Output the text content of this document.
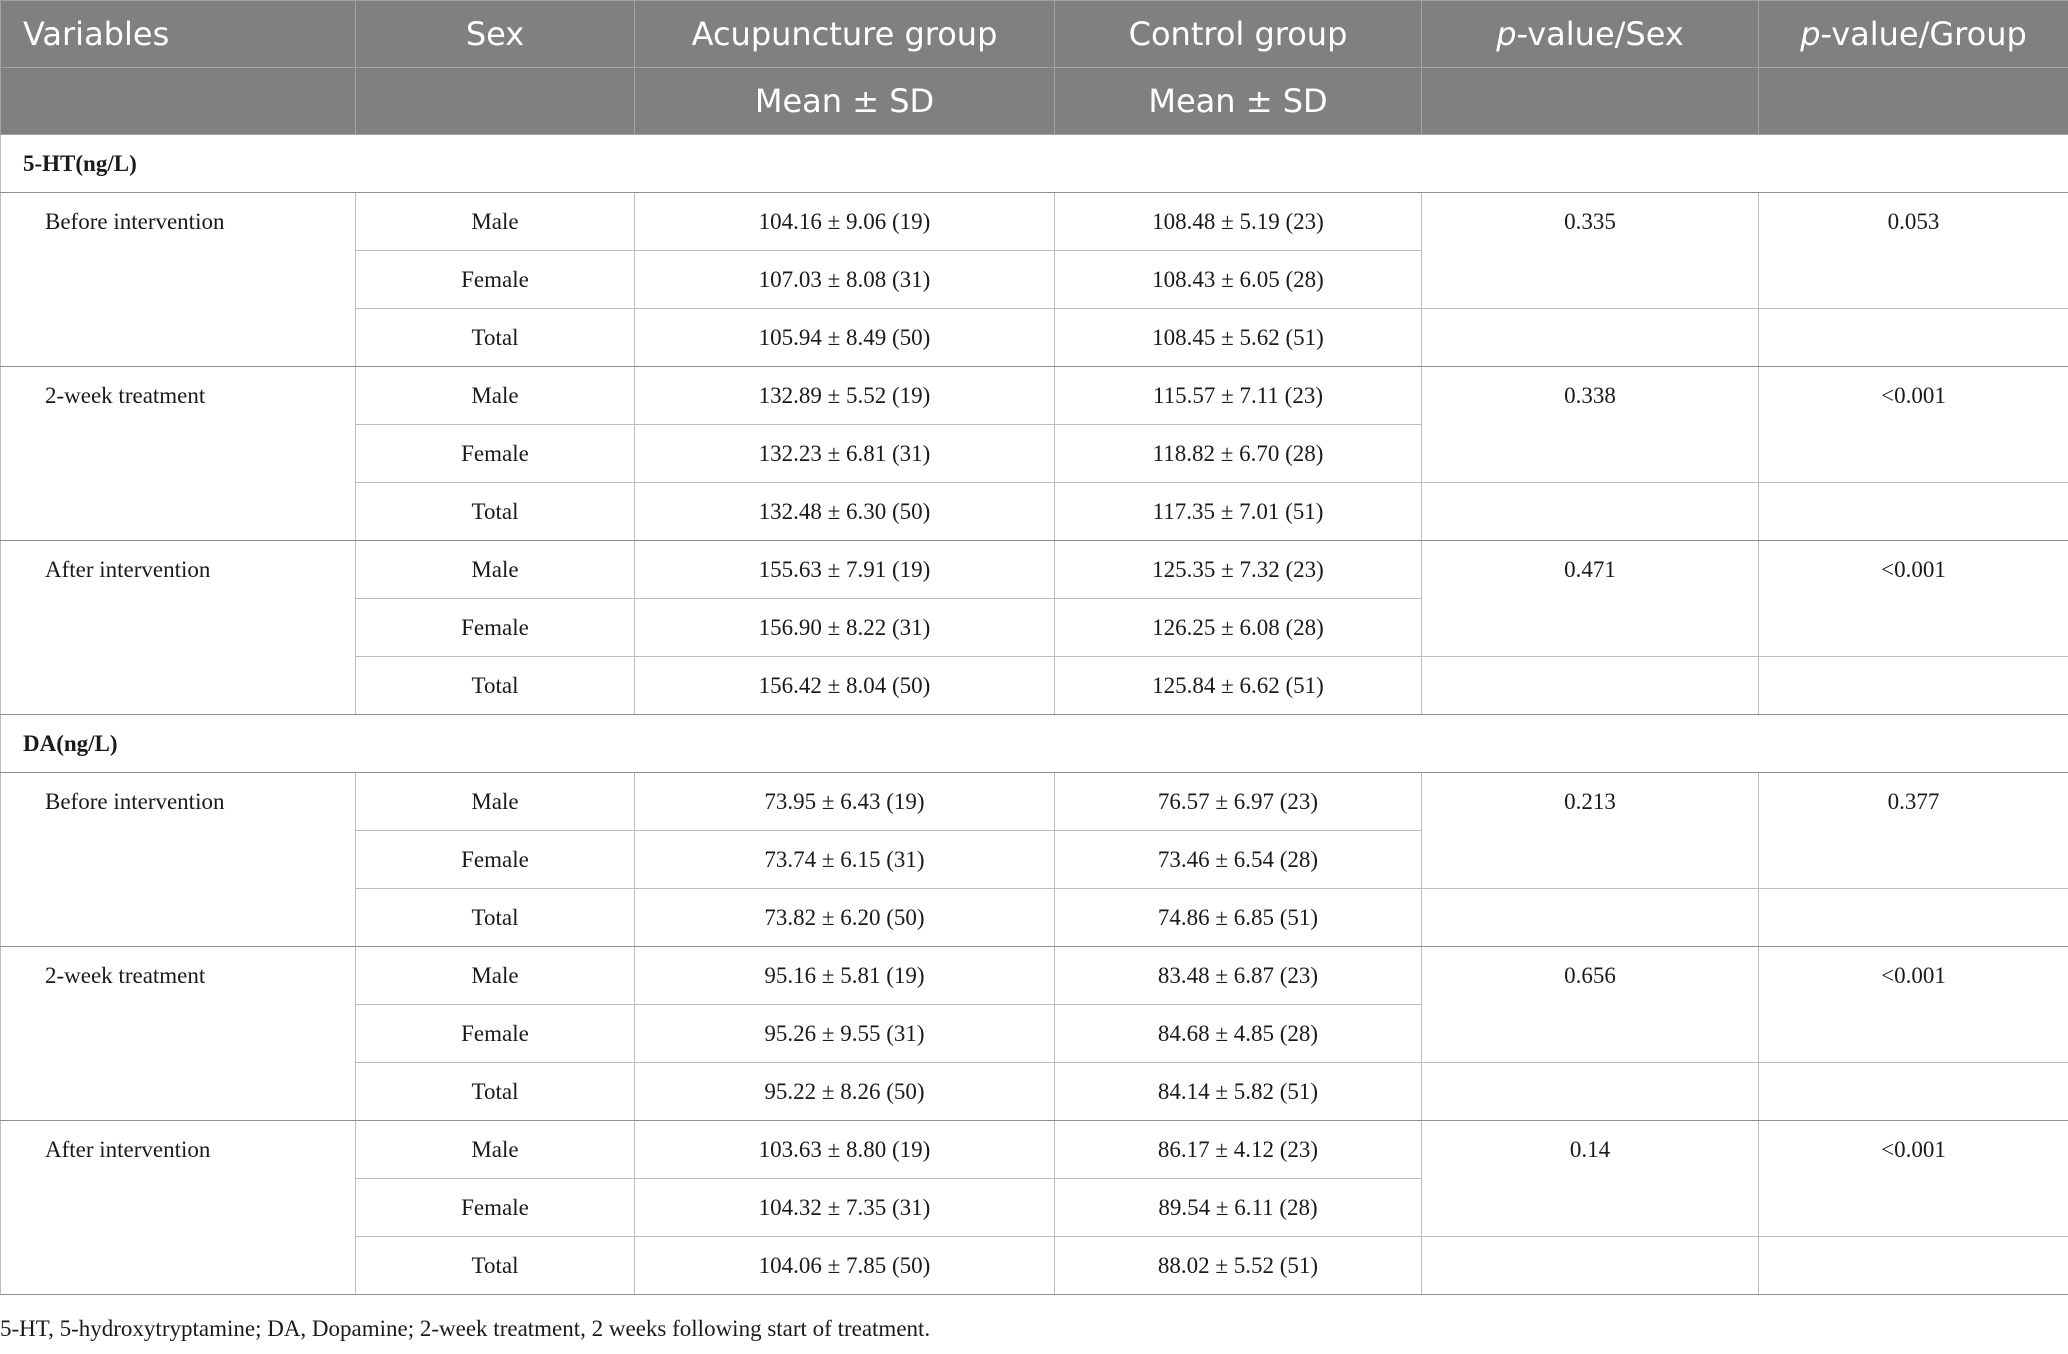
Variables	Sex	Acupuncture group	Control group	p-value/Sex	p-value/Group
		Mean ± SD	Mean ± SD		

5-HT(ng/L)					

Before intervention	Male	104.16 ± 9.06 (19)	108.48 ± 5.19 (23)	0.335	0.053

	Female	107.03 ± 8.08 (31)	108.43 ± 6.05 (28)		

	Total	105.94 ± 8.49 (50)	108.45 ± 5.62 (51)		

2-week treatment	Male	132.89 ± 5.52 (19)	115.57 ± 7.11 (23)	0.338	<0.001

	Female	132.23 ± 6.81 (31)	118.82 ± 6.70 (28)		

	Total	132.48 ± 6.30 (50)	117.35 ± 7.01 (51)		

After intervention	Male	155.63 ± 7.91 (19)	125.35 ± 7.32 (23)	0.471	<0.001

	Female	156.90 ± 8.22 (31)	126.25 ± 6.08 (28)		

	Total	156.42 ± 8.04 (50)	125.84 ± 6.62 (51)		

DA(ng/L)					

Before intervention	Male	73.95 ± 6.43 (19)	76.57 ± 6.97 (23)	0.213	0.377

	Female	73.74 ± 6.15 (31)	73.46 ± 6.54 (28)		

	Total	73.82 ± 6.20 (50)	74.86 ± 6.85 (51)		

2-week treatment	Male	95.16 ± 5.81 (19)	83.48 ± 6.87 (23)	0.656	<0.001

	Female	95.26 ± 9.55 (31)	84.68 ± 4.85 (28)		

	Total	95.22 ± 8.26 (50)	84.14 ± 5.82 (51)		

After intervention	Male	103.63 ± 8.80 (19)	86.17 ± 4.12 (23)	0.14	<0.001

	Female	104.32 ± 7.35 (31)	89.54 ± 6.11 (28)		

	Total	104.06 ± 7.85 (50)	88.02 ± 5.52 (51)		

5-HT, 5-hydroxytryptamine; DA, Dopamine; 2-week treatment, 2 weeks following start of treatment.
